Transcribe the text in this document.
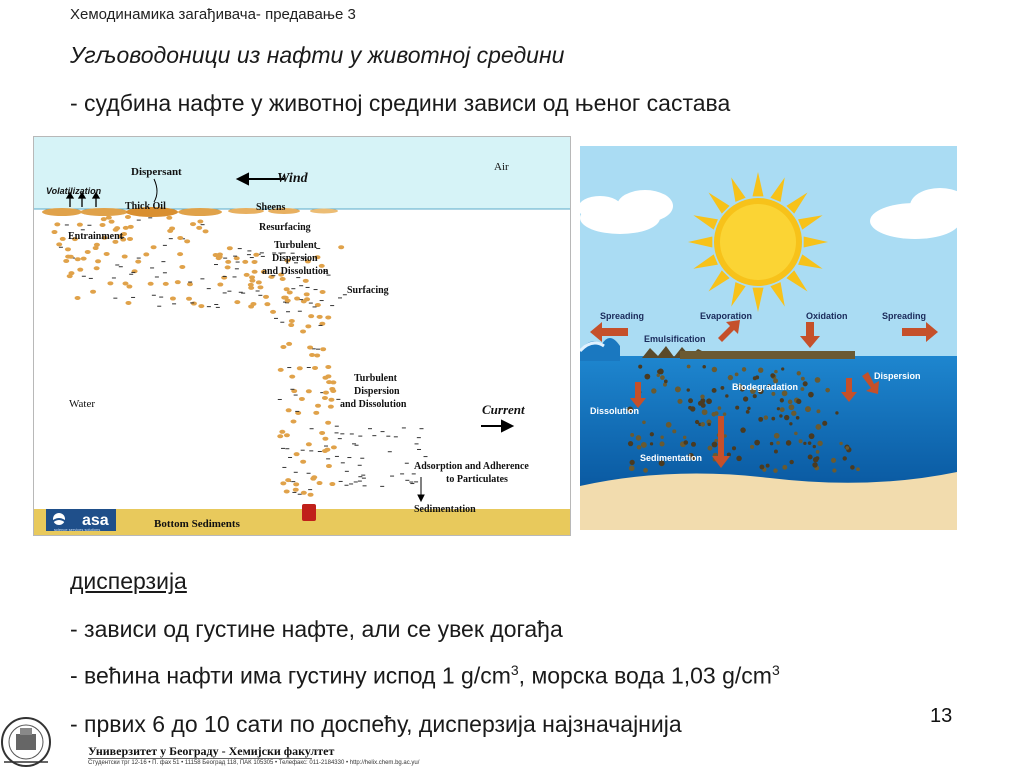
Хемодинамика загађивача- предавање 3
Угљоводоници из нафти у животној средини
- судбина нафте у животној средини зависи од њеног састава
asa
science services solutions
Air
Dispersant	Wind
Volatilization
Thick Oil	Sheens
Entrainment
Resurfacing
Turbulent
Dispersion
and Dissolution
Surfacing
Turbulent
Dispersion
and Dissolution
Water	Current
Adsorption and Adherence
to Particulates
Sedimentation
Bottom Sediments
Spreading	Evaporation	Oxidation	Spreading
Emulsification
Biodegradation
Dispersion
Dissolution
Sedimentation
дисперзија
- зависи од густине нафте, али се увек догађа
- већина нафти има густину испод 1 $g/cm^3$, морска вода 1,03 $g/cm^3$
- првих 6 до 10 сати по доспећу, дисперзија најзначајнија	13
Универзитет у Београду - Хемијски факултет
Студентски трг 12-16 • П. фах 51 • 11158 Београд 118, ПАК 105305 • Телефакс: 011-2184330 • http://helix.chem.bg.ac.yu/
